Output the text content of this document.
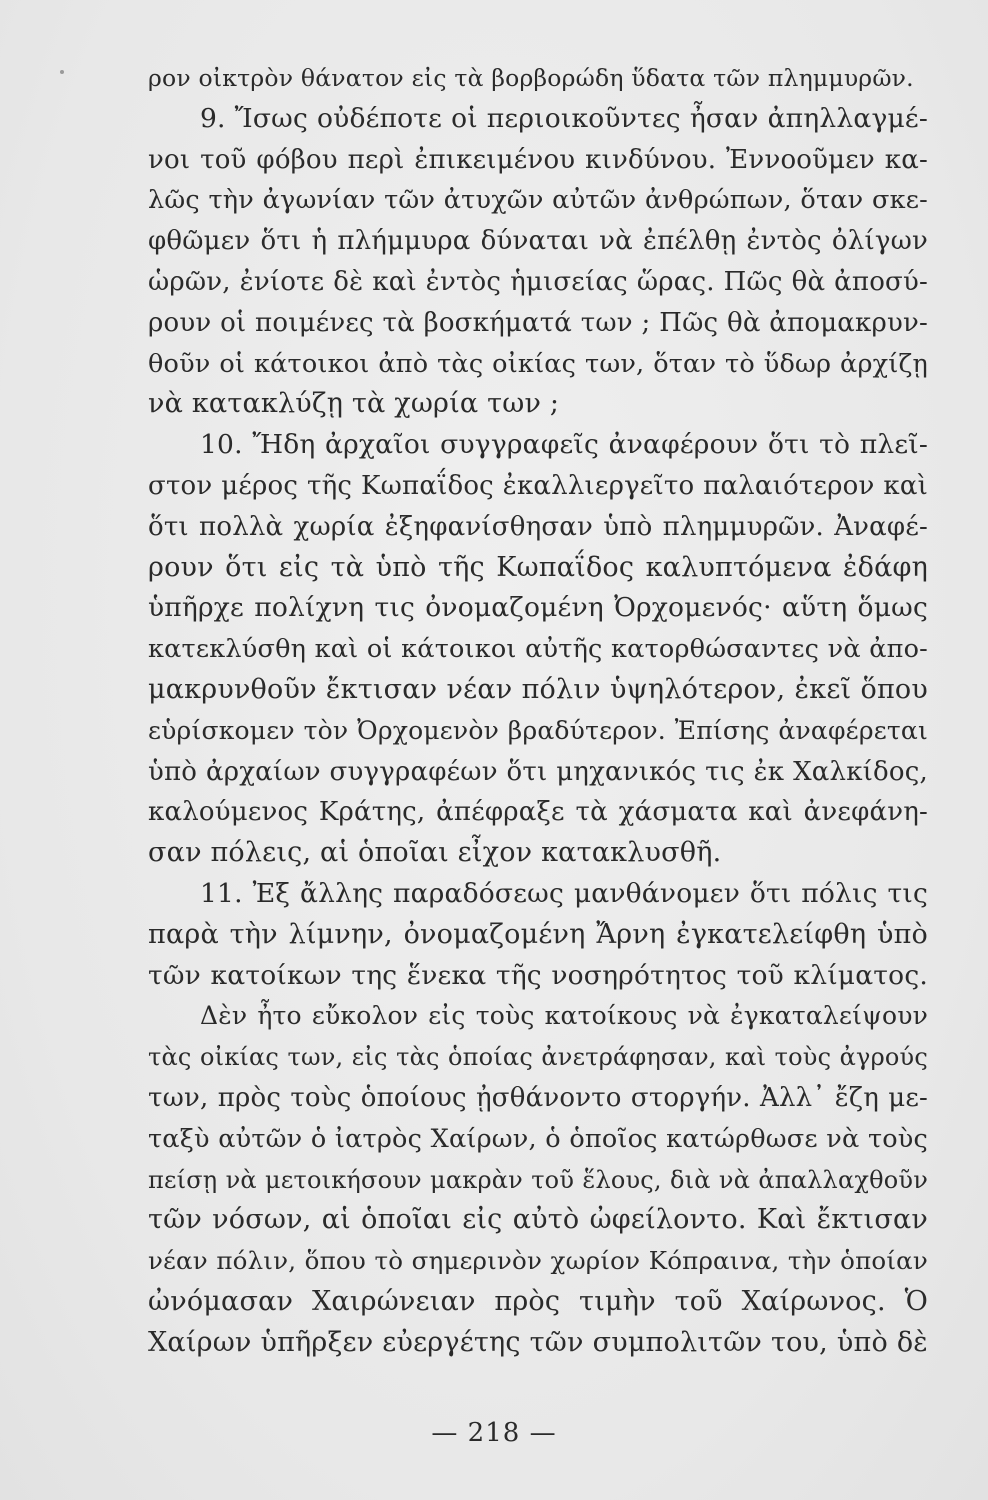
ρον οἰκτρὸν θάνατον εἰς τὰ βορβορώδη ὕδατα τῶν πλημμυρῶν.
9. Ἴσως οὐδέποτε οἱ περιοικοῦντες ἦσαν ἀπηλλαγμέ-
νοι τοῦ φόβου περὶ ἐπικειμένου κινδύνου. Ἐννοοῦμεν κα-
λῶς τὴν ἀγωνίαν τῶν ἀτυχῶν αὐτῶν ἀνθρώπων, ὅταν σκε-
φθῶμεν ὅτι ἡ πλήμμυρα δύναται νὰ ἐπέλθῃ ἐντὸς ὀλίγων
ὡρῶν, ἐνίοτε δὲ καὶ ἐντὸς ἡμισείας ὥρας. Πῶς θὰ ἀποσύ-
ρουν οἱ ποιμένες τὰ βοσκήματά των ; Πῶς θὰ ἀπομακρυν-
θοῦν οἱ κάτοικοι ἀπὸ τὰς οἰκίας των, ὅταν τὸ ὕδωρ ἀρχίζῃ
νὰ κατακλύζῃ τὰ χωρία των ;
10. Ἤδη ἀρχαῖοι συγγραφεῖς ἀναφέρουν ὅτι τὸ πλεῖ-
στον μέρος τῆς Κωπαΐδος ἐκαλλιεργεῖτο παλαιότερον καὶ
ὅτι πολλὰ χωρία ἐξηφανίσθησαν ὑπὸ πλημμυρῶν. Ἀναφέ-
ρουν ὅτι εἰς τὰ ὑπὸ τῆς Κωπαΐδος καλυπτόμενα ἐδάφη
ὑπῆρχε πολίχνη τις ὀνομαζομένη Ὀρχομενός· αὕτη ὅμως
κατεκλύσθη καὶ οἱ κάτοικοι αὐτῆς κατορθώσαντες νὰ ἀπο-
μακρυνθοῦν ἔκτισαν νέαν πόλιν ὑψηλότερον, ἐκεῖ ὅπου
εὑρίσκομεν τὸν Ὀρχομενὸν βραδύτερον. Ἐπίσης ἀναφέρεται
ὑπὸ ἀρχαίων συγγραφέων ὅτι μηχανικός τις ἐκ Χαλκίδος,
καλούμενος Κράτης, ἀπέφραξε τὰ χάσματα καὶ ἀνεφάνη-
σαν πόλεις, αἱ ὁποῖαι εἶχον κατακλυσθῆ.
11. Ἐξ ἄλλης παραδόσεως μανθάνομεν ὅτι πόλις τις
παρὰ τὴν λίμνην, ὀνομαζομένη Ἄρνη ἐγκατελείφθη ὑπὸ
τῶν κατοίκων της ἕνεκα τῆς νοσηρότητος τοῦ κλίματος.
Δὲν ἦτο εὔκολον εἰς τοὺς κατοίκους νὰ ἐγκαταλείψουν
τὰς οἰκίας των, εἰς τὰς ὁποίας ἀνετράφησαν, καὶ τοὺς ἀγρούς
των, πρὸς τοὺς ὁποίους ᾐσθάνοντο στοργήν. Ἀλλ᾽ ἔζη με-
ταξὺ αὐτῶν ὁ ἰατρὸς Χαίρων, ὁ ὁποῖος κατώρθωσε νὰ τοὺς
πείσῃ νὰ μετοικήσουν μακρὰν τοῦ ἕλους, διὰ νὰ ἀπαλλαχθοῦν
τῶν νόσων, αἱ ὁποῖαι εἰς αὐτὸ ὠφείλοντο. Καὶ ἔκτισαν
νέαν πόλιν, ὅπου τὸ σημερινὸν χωρίον Κόπραινα, τὴν ὁποίαν
ὠνόμασαν Χαιρώνειαν πρὸς τιμὴν τοῦ Χαίρωνος. Ὁ
Χαίρων ὑπῆρξεν εὐεργέτης τῶν συμπολιτῶν του, ὑπὸ δὲ
— 218 —
